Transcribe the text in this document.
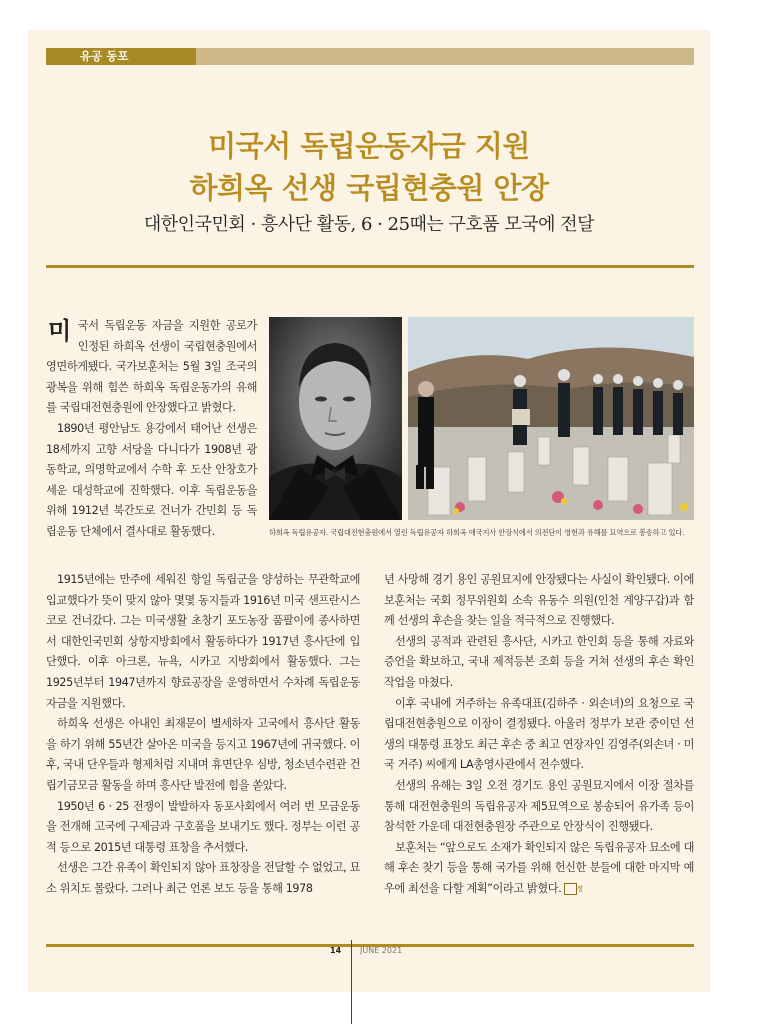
유공 동포
미국서 독립운동자금 지원
하희옥 선생 국립현충원 안장
대한인국민회 · 흥사단 활동, 6 · 25때는 구호품 모국에 전달

미국서 독립운동 자금을 지원한 공로가 인정된 하희옥 선생이 국립현충원에서 영면하게됐다. 국가보훈처는 5월 3일 조국의 광복을 위해 힘쓴 하희옥 독립운동가의 유해를 국립대전현충원에 안장했다고 밝혔다.

1890년 평안남도 용강에서 태어난 선생은 18세까지 고향 서당을 다니다가 1908년 광동학교, 의명학교에서 수학 후 도산 안창호가 세운 대성학교에 진학했다. 이후 독립운동을 위해 1912년 북간도로 건너가 간민회 등 독립운동 단체에서 결사대로 활동했다.	하희옥 독립유공자. 국립대전현충원에서 열린 독립유공자 하희옥 애국지사 안장식에서 의전단이 영현과 유해를 묘역으로 봉송하고 있다.

1915년에는 만주에 세워진 항일 독립군을 양성하는 무관학교에 입교했다가 뜻이 맞지 않아 몇몇 동지들과 1916년 미국 샌프란시스코로 건너갔다. 그는 미국생활 초창기 포도농장 품팔이에 종사하면서 대한인국민회 상항지방회에서 활동하다가 1917년 흥사단에 입단했다. 이후 아크론, 뉴욕, 시카고 지방회에서 활동했다. 그는 1925년부터 1947년까지 향료공장을 운영하면서 수차례 독립운동 자금을 지원했다.

하희옥 선생은 아내인 최재문이 별세하자 고국에서 흥사단 활동을 하기 위해 55년간 살아온 미국을 등지고 1967년에 귀국했다. 이후, 국내 단우들과 형제처럼 지내며 휴면단우 심방, 청소년수련관 건립기금모금 활동을 하며 흥사단 발전에 힘을 쏟았다.

1950년 6 · 25 전쟁이 발발하자 동포사회에서 여러 번 모금운동을 전개해 고국에 구제금과 구호품을 보내기도 했다. 정부는 이런 공적 등으로 2015년 대통령 표창을 추서했다.

선생은 그간 유족이 확인되지 않아 표창장을 전달할 수 없었고, 묘소 위치도 몰랐다. 그러나 최근 언론 보도 등을 통해 1978

년 사망해 경기 용인 공원묘지에 안장됐다는 사실이 확인됐다. 이에 보훈처는 국회 정무위원회 소속 유동수 의원(인천 계양구갑)과 함께 선생의 후손을 찾는 일을 적극적으로 진행했다.

선생의 공적과 관련된 흥사단, 시카고 한인회 등을 통해 자료와 증언을 확보하고, 국내 제적등본 조회 등을 거쳐 선생의 후손 확인 작업을 마쳤다.

이후 국내에 거주하는 유족대표(김하주 · 외손녀)의 요청으로 국립대전현충원으로 이장이 결정됐다. 아울러 정부가 보관 중이던 선생의 대통령 표창도 최근 후손 중 최고 연장자인 김영주(외손녀 · 미국 거주) 씨에게 LA총영사관에서 전수했다.

선생의 유해는 3일 오전 경기도 용인 공원묘지에서 이장 절차를 통해 대전현충원의 독립유공자 제5묘역으로 봉송되어 유가족 등이 참석한 가운데 대전현충원장 주관으로 안장식이 진행됐다.

보훈처는 “앞으로도 소재가 확인되지 않은 독립유공자 묘소에 대해 후손 찾기 등을 통해 국가를 위해 헌신한 분들에 대한 마지막 예우에 최선을 다할 계획”이라고 밝혔다. 정

14 JUNE 2021
